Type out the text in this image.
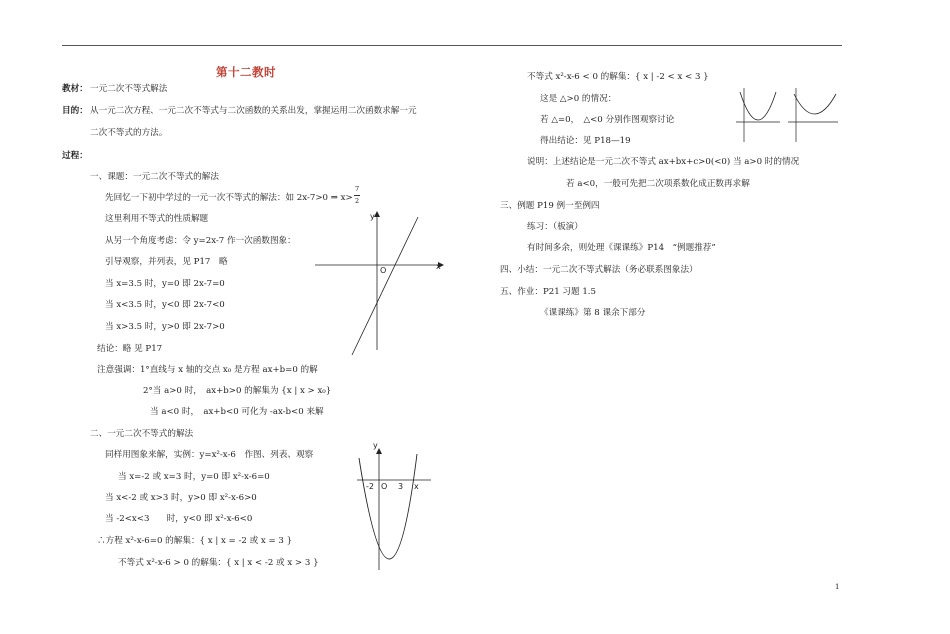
第十二教时
教材： 一元二次不等式解法
目的： 从一元二次方程、一元二次不等式与二次函数的关系出发，掌握运用二次函数求解一元
二次不等式的方法。
过程：
一、课题：一元二次不等式的解法
先回忆一下初中学过的一元一次不等式的解法：如 2x-7>0 ⇒ x>
7
2
这里利用不等式的性质解题
从另一个角度考虑：令 y=2x-7 作一次函数图象：
引导观察，并列表，见 P17　略
当 x=3.5 时，y=0 即 2x-7=0
当 x<3.5 时，y<0 即 2x-7<0
当 x>3.5 时，y>0 即 2x-7>0
结论：略 见 P17
注意强调：1°直线与 x 轴的交点 x₀ 是方程 ax+b=0 的解
2°当 a>0 时，　ax+b>0 的解集为 {x | x > x₀}
当 a<0 时，　ax+b<0 可化为 -ax-b<0 来解
二、一元二次不等式的解法
同样用图象来解，实例：y=x²-x-6　作图、列表、观察
当 x=-2 或 x=3 时，y=0 即 x²-x-6=0
当 x<-2 或 x>3 时，y>0 即 x²-x-6>0
当 -2<x<3　　时，y<0 即 x²-x-6<0
∴方程 x²-x-6=0 的解集：{ x | x = -2 或 x = 3 }
不等式 x²-x-6 > 0 的解集：{ x | x < -2 或 x > 3 }
y
x
O
y
-2 O 3 x
不等式 x²-x-6 < 0 的解集：{ x | -2 < x < 3 }
这是 △>0 的情况：
若 △=0，　△<0 分别作图观察讨论
得出结论：见 P18—19
说明：上述结论是一元二次不等式 ax+bx+c>0(<0) 当 a>0 时的情况
若 a<0，一般可先把二次项系数化成正数再求解
三、例题 P19 例一至例四
练习：（板演）
有时间多余，则处理《课课练》P14　“例题推荐”
四、小结：一元二次不等式解法（务必联系图象法）
五、作业：P21 习题 1.5
《课课练》第 8 课余下部分
1
